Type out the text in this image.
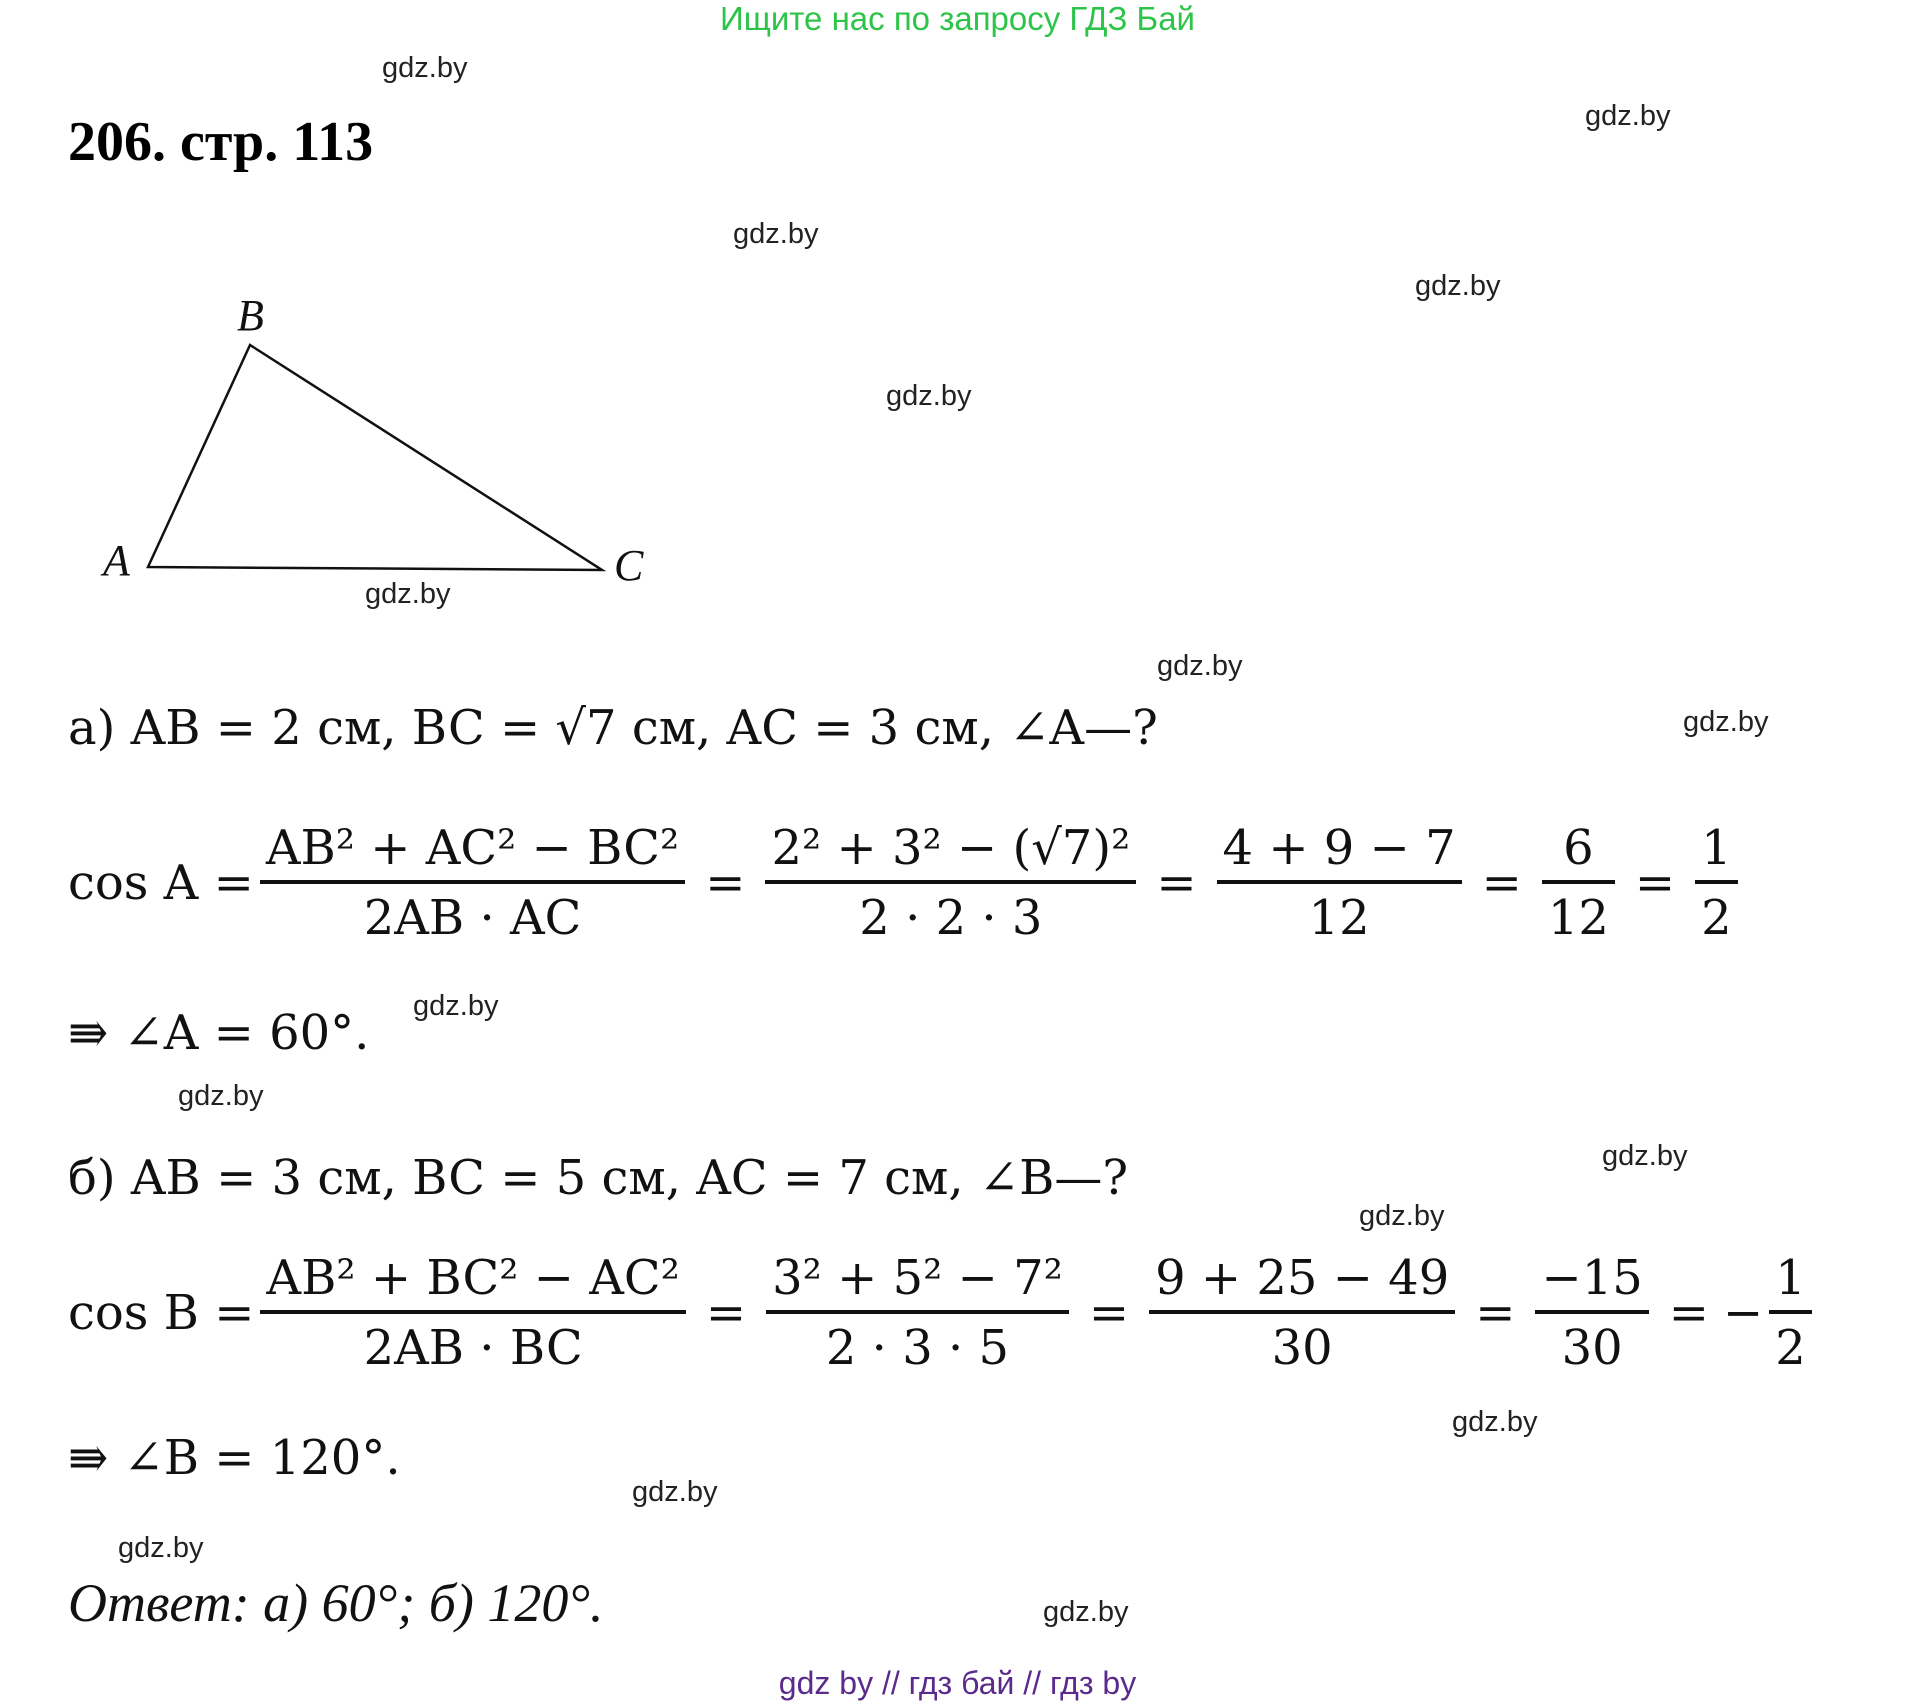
Ищите нас по запросу ГДЗ Бай
206. стр. 113
gdz.by
gdz.by
gdz.by
gdz.by
gdz.by
gdz.by
gdz.by
gdz.by
gdz.by
gdz.by
gdz.by
gdz.by
gdz.by
gdz.by
gdz.by
gdz.by
B
A	C
а) AB = 2 см, BC = √7 см, AC = 3 см, ∠A—?
$\cos A = \frac{\text{AB² + AC² − BC²}}{2AB \cdot AC} = \frac{\text{2² + 3² − (√7)²}}{2 \cdot 2 \cdot 3} = \frac{4 + 9 - 7}{12} = \frac{6}{12} = \frac{1}{2}$
⇛ ∠A = 60°.
б) AB = 3 см, BC = 5 см, AC = 7 см, ∠B—?
$\cos B = \frac{\text{AB² + BC² − AC²}}{2AB \cdot BC} = \frac{\text{3² + 5² − 7²}}{2 \cdot 3 \cdot 5} = \frac{9 + 25 - 49}{30} = \frac{-15}{30}$ = − $\frac{1}{2}$
⇛ ∠B = 120°.
Ответ: а) 60°; б) 120°.
gdz by // гдз бай // гдз by
